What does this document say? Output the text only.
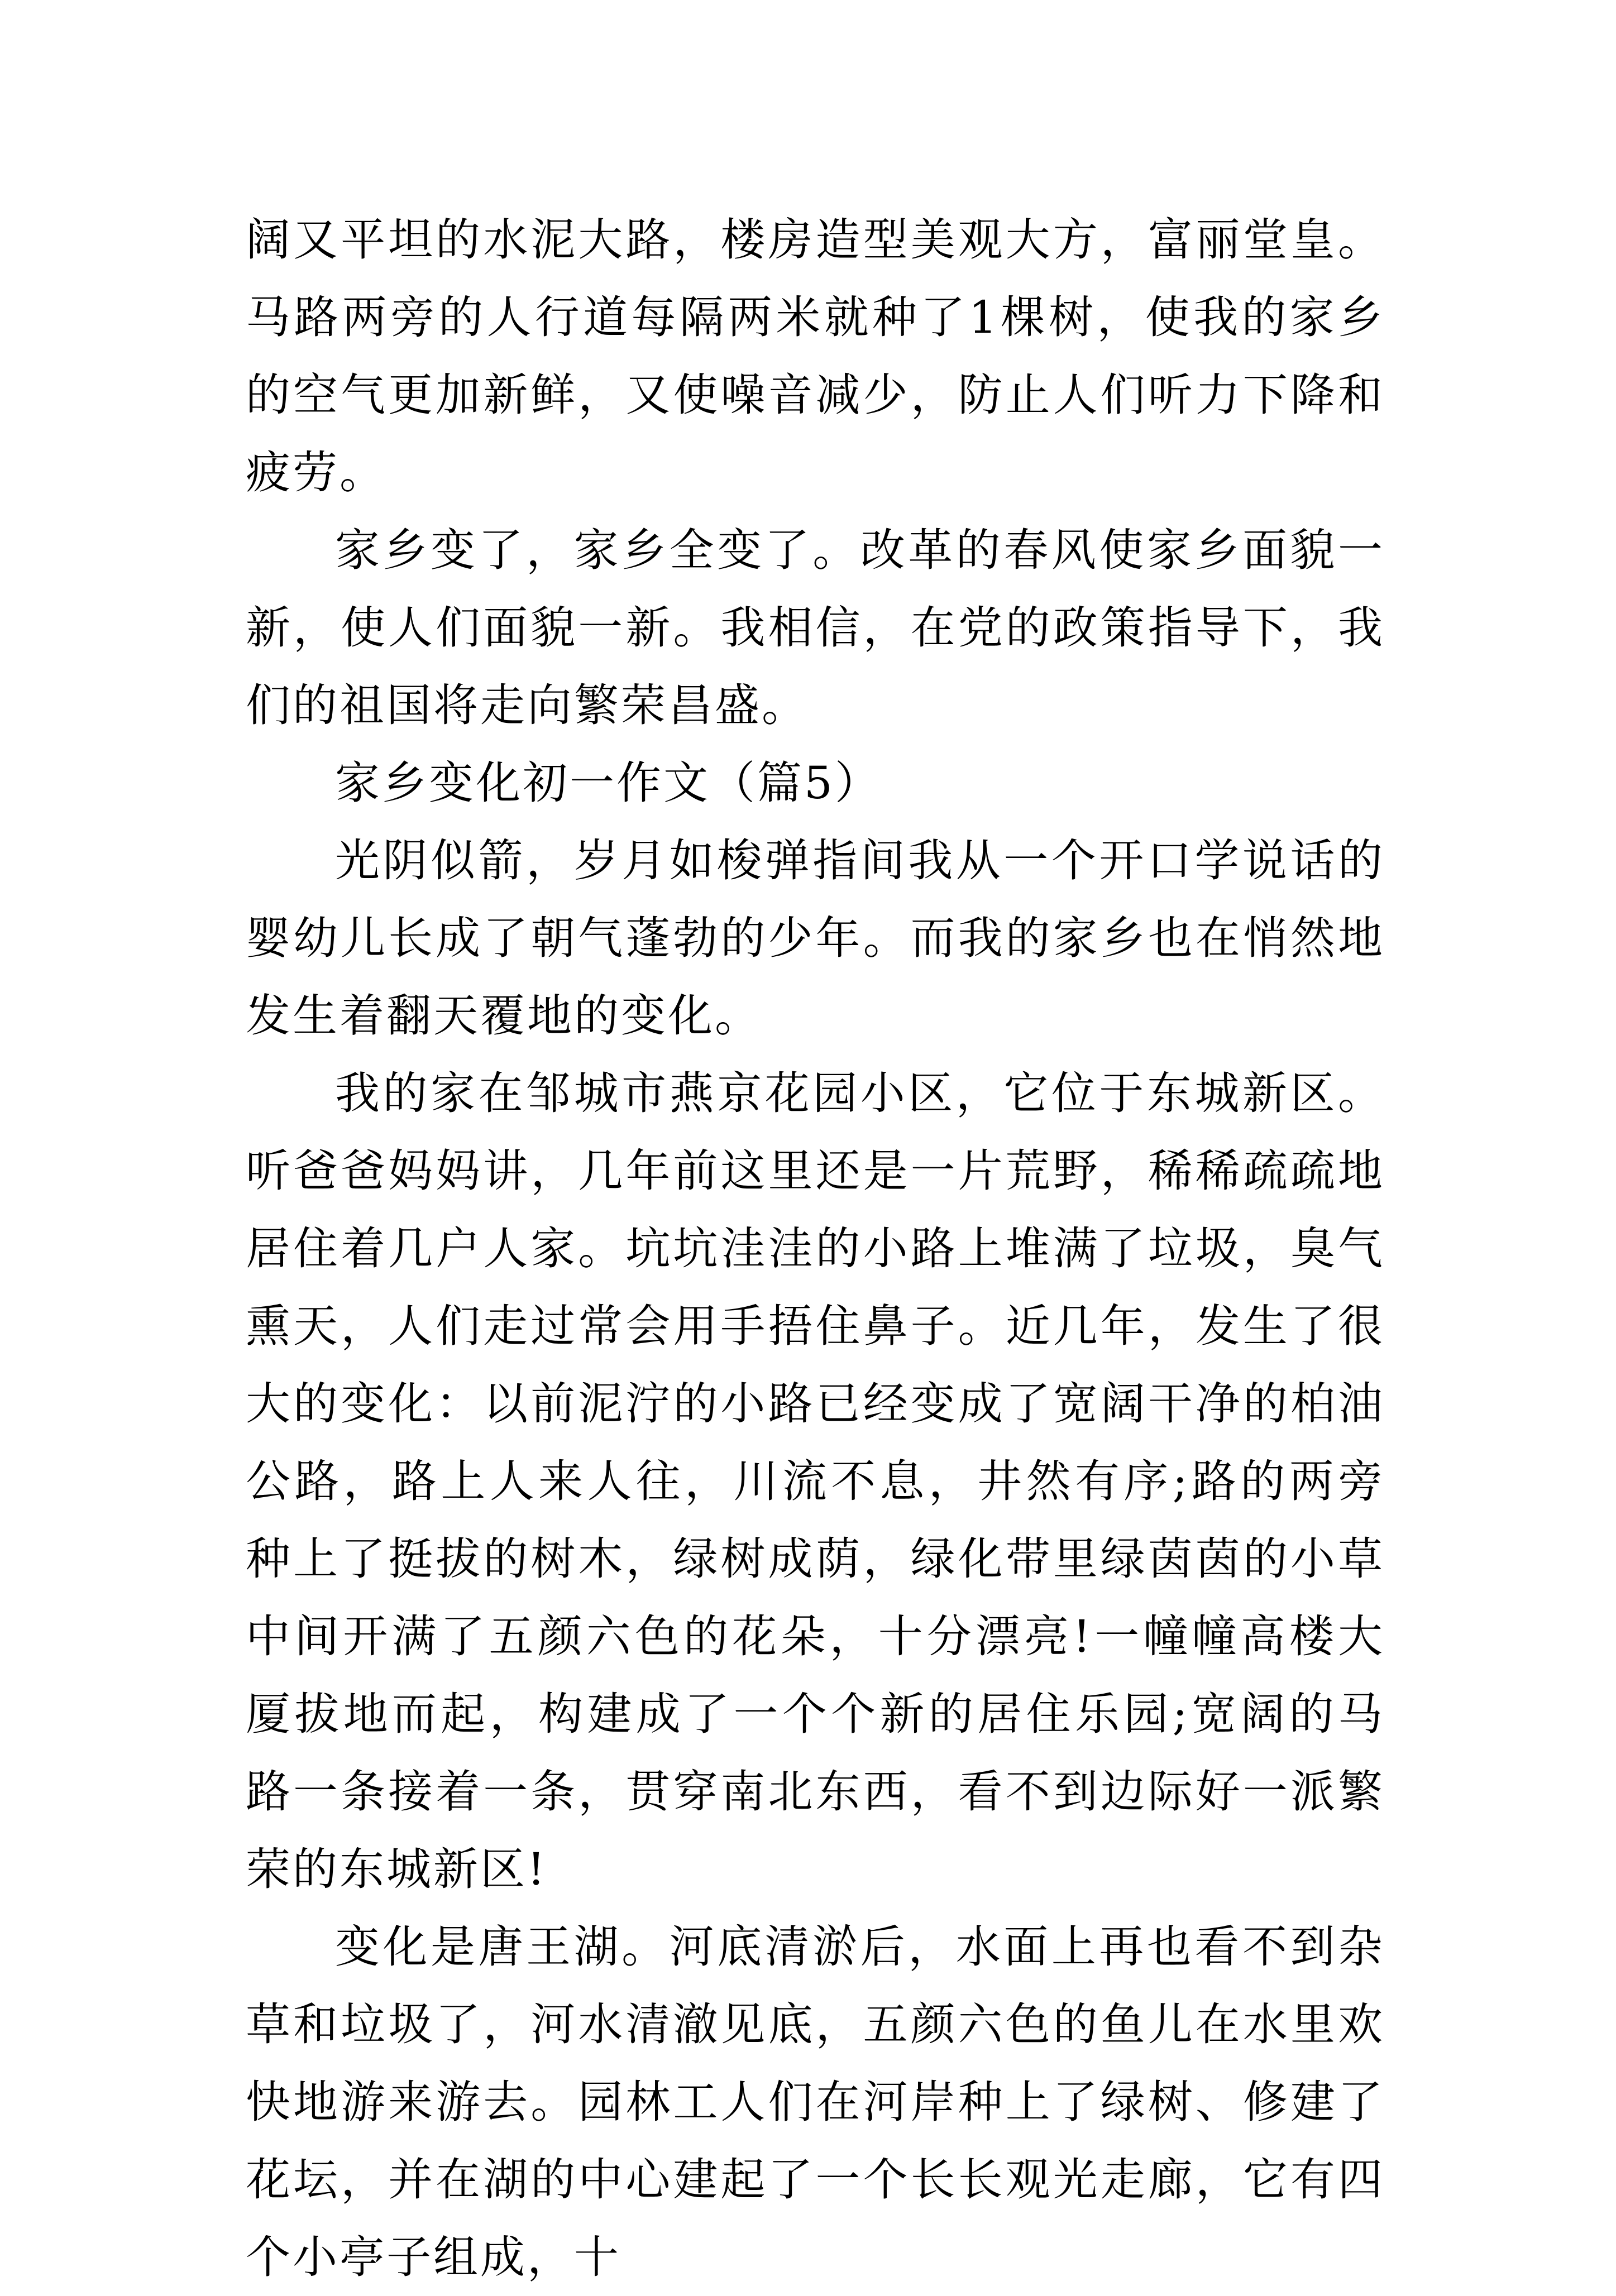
阔又平坦的水泥大路，楼房造型美观大方，富丽堂皇。马路两旁的人行道每隔两米就种了1棵树，使我的家乡的空气更加新鲜，又使噪音减少，防止人们听力下降和疲劳。

家乡变了，家乡全变了。改革的春风使家乡面貌一新，使人们面貌一新。我相信，在党的政策指导下，我们的祖国将走向繁荣昌盛。

家乡变化初一作文（篇5）

光阴似箭，岁月如梭弹指间我从一个开口学说话的婴幼儿长成了朝气蓬勃的少年。而我的家乡也在悄然地发生着翻天覆地的变化。

我的家在邹城市燕京花园小区，它位于东城新区。听爸爸妈妈讲，几年前这里还是一片荒野，稀稀疏疏地居住着几户人家。坑坑洼洼的小路上堆满了垃圾，臭气熏天，人们走过常会用手捂住鼻子。近几年，发生了很大的变化：以前泥泞的小路已经变成了宽阔干净的柏油公路，路上人来人往，川流不息，井然有序;路的两旁种上了挺拔的树木，绿树成荫，绿化带里绿茵茵的小草中间开满了五颜六色的花朵，十分漂亮!一幢幢高楼大厦拔地而起，构建成了一个个新的居住乐园;宽阔的马路一条接着一条，贯穿南北东西，看不到边际好一派繁荣的东城新区!

变化是唐王湖。河底清淤后，水面上再也看不到杂草和垃圾了，河水清澈见底，五颜六色的鱼儿在水里欢快地游来游去。园林工人们在河岸种上了绿树、修建了花坛，并在湖的中心建起了一个长长观光走廊，它有四个小亭子组成，十
